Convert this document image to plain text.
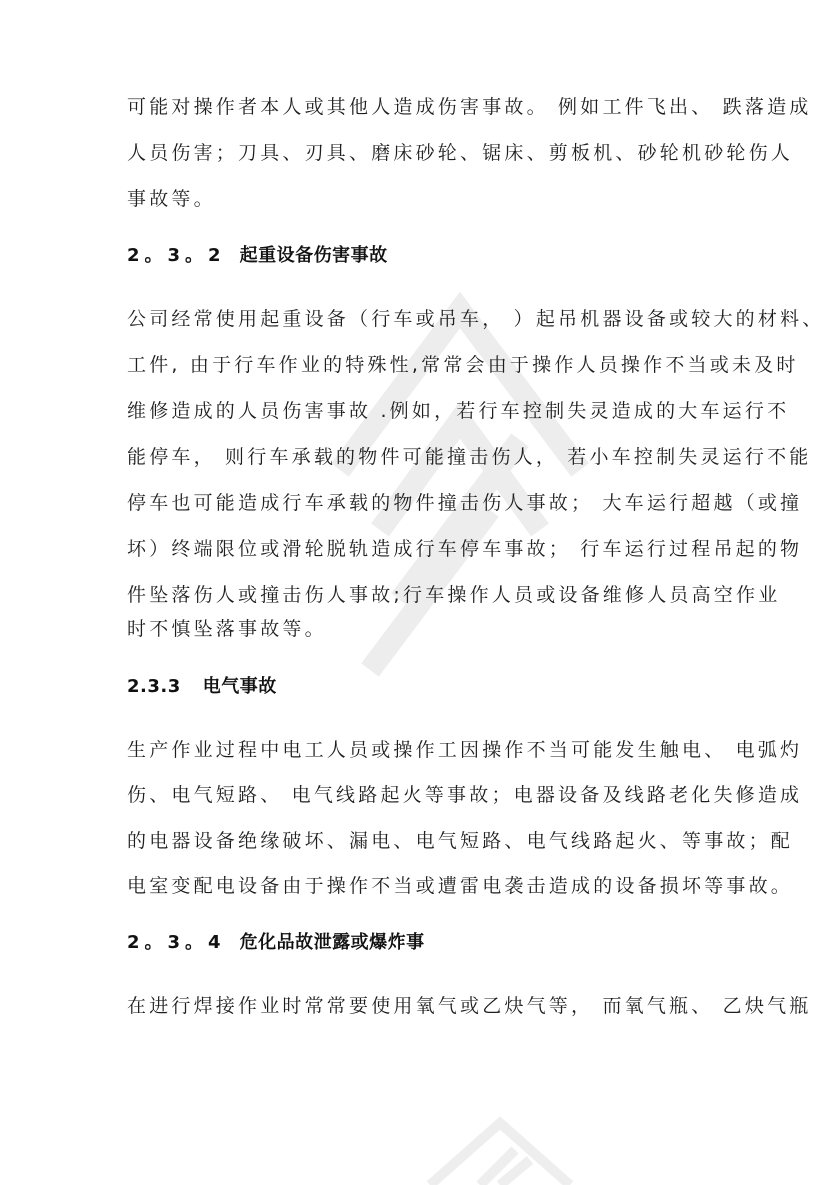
可能对操作者本人或其他人造成伤害事故。 例如工件飞出、 跌落造成
人员伤害；刀具、刃具、磨床砂轮、锯床、剪板机、砂轮机砂轮伤人
事故等。
2。3。2 起重设备伤害事故
公司经常使用起重设备（行车或吊车， ）起吊机器设备或较大的材料、
工件, 由于行车作业的特殊性,常常会由于操作人员操作不当或未及时
维修造成的人员伤害事故 .例如，若行车控制失灵造成的大车运行不
能停车， 则行车承载的物件可能撞击伤人， 若小车控制失灵运行不能
停车也可能造成行车承载的物件撞击伤人事故； 大车运行超越（或撞
坏）终端限位或滑轮脱轨造成行车停车事故； 行车运行过程吊起的物
件坠落伤人或撞击伤人事故;行车操作人员或设备维修人员高空作业
时不慎坠落事故等。
2.3.3 电气事故
生产作业过程中电工人员或操作工因操作不当可能发生触电、 电弧灼
伤、电气短路、 电气线路起火等事故；电器设备及线路老化失修造成
的电器设备绝缘破坏、漏电、电气短路、电气线路起火、等事故；配
电室变配电设备由于操作不当或遭雷电袭击造成的设备损坏等事故。
2。3。4 危化品故泄露或爆炸事
在进行焊接作业时常常要使用氧气或乙炔气等， 而氧气瓶、 乙炔气瓶
